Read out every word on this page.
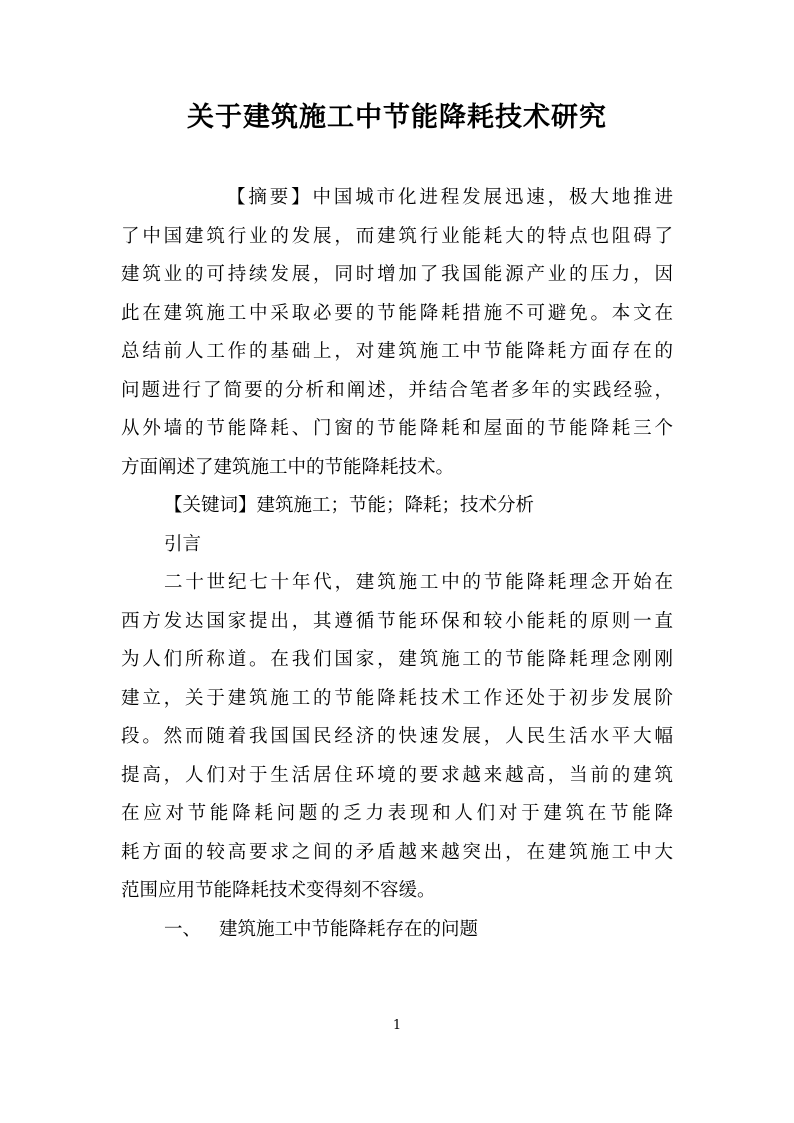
关于建筑施工中节能降耗技术研究
【摘要】中国城市化进程发展迅速，极大地推进
了中国建筑行业的发展，而建筑行业能耗大的特点也阻碍了
建筑业的可持续发展，同时增加了我国能源产业的压力，因
此在建筑施工中采取必要的节能降耗措施不可避免。本文在
总结前人工作的基础上，对建筑施工中节能降耗方面存在的
问题进行了简要的分析和阐述，并结合笔者多年的实践经验，
从外墙的节能降耗、门窗的节能降耗和屋面的节能降耗三个
方面阐述了建筑施工中的节能降耗技术。
【关键词】建筑施工；节能；降耗；技术分析
引言
二十世纪七十年代，建筑施工中的节能降耗理念开始在
西方发达国家提出，其遵循节能环保和较小能耗的原则一直
为人们所称道。在我们国家，建筑施工的节能降耗理念刚刚
建立，关于建筑施工的节能降耗技术工作还处于初步发展阶
段。然而随着我国国民经济的快速发展，人民生活水平大幅
提高，人们对于生活居住环境的要求越来越高，当前的建筑
在应对节能降耗问题的乏力表现和人们对于建筑在节能降
耗方面的较高要求之间的矛盾越来越突出，在建筑施工中大
范围应用节能降耗技术变得刻不容缓。
一、 建筑施工中节能降耗存在的问题
1
